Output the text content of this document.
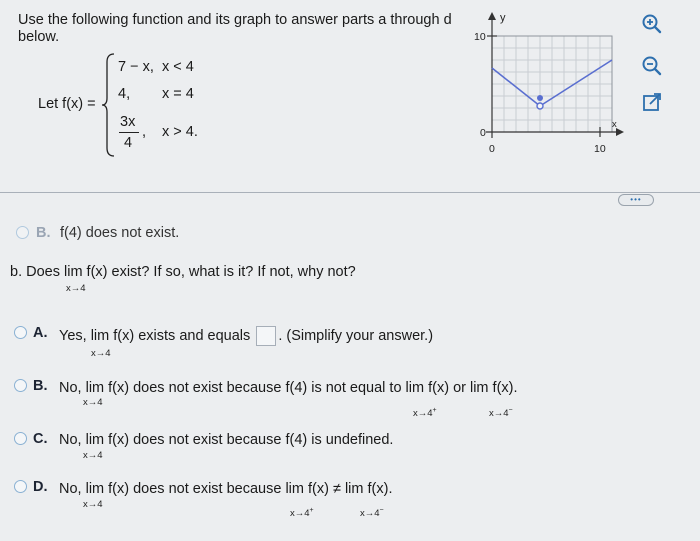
Use the following function and its graph to answer parts a through d
below.
Let f(x) =
7 − x, x < 4
4, x = 4
3x
4
, x > 4.
y
10
0
0
x
10
•••
B. f(4) does not exist.
b. Does lim f(x) exist? If so, what is it? If not, why not?
x→4
A. Yes, lim f(x) exists and equals . (Simplify your answer.)
x→4
B. No, lim f(x) does not exist because f(4) is not equal to lim f(x) or lim f(x).
x→4
x→4+	x→4−
C. No, lim f(x) does not exist because f(4) is undefined.
x→4
D. No, lim f(x) does not exist because lim f(x) ≠ lim f(x).
x→4
x→4+	x→4−
